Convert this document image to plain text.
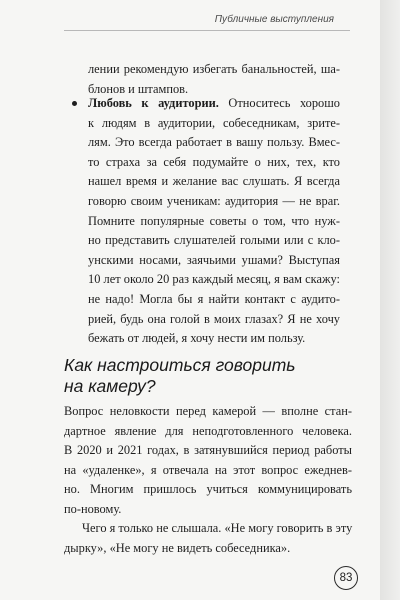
Публичные выступления
лении рекомендую избегать банальностей, ша-
блонов и штампов.
Любовь к аудитории. Относитесь хорошо
к людям в аудитории, собеседникам, зрите-
лям. Это всегда работает в вашу пользу. Вмес-
то страха за себя подумайте о них, тех, кто
нашел время и желание вас слушать. Я всегда
говорю своим ученикам: аудитория — не враг.
Помните популярные советы о том, что нуж-
но представить слушателей голыми или с кло-
унскими носами, заячьими ушами? Выступая
10 лет около 20 раз каждый месяц, я вам скажу:
не надо! Могла бы я найти контакт с аудито-
рией, будь она голой в моих глазах? Я не хочу
бежать от людей, я хочу нести им пользу.
Как настроиться говорить
на камеру?
Вопрос неловкости перед камерой — вполне стан-
дартное явление для неподготовленного человека.
В 2020 и 2021 годах, в затянувшийся период работы
на «удаленке», я отвечала на этот вопрос ежеднев-
но. Многим пришлось учиться коммуницировать
по-новому.
Чего я только не слышала. «Не могу говорить в эту
дырку», «Не могу не видеть собеседника».
83
